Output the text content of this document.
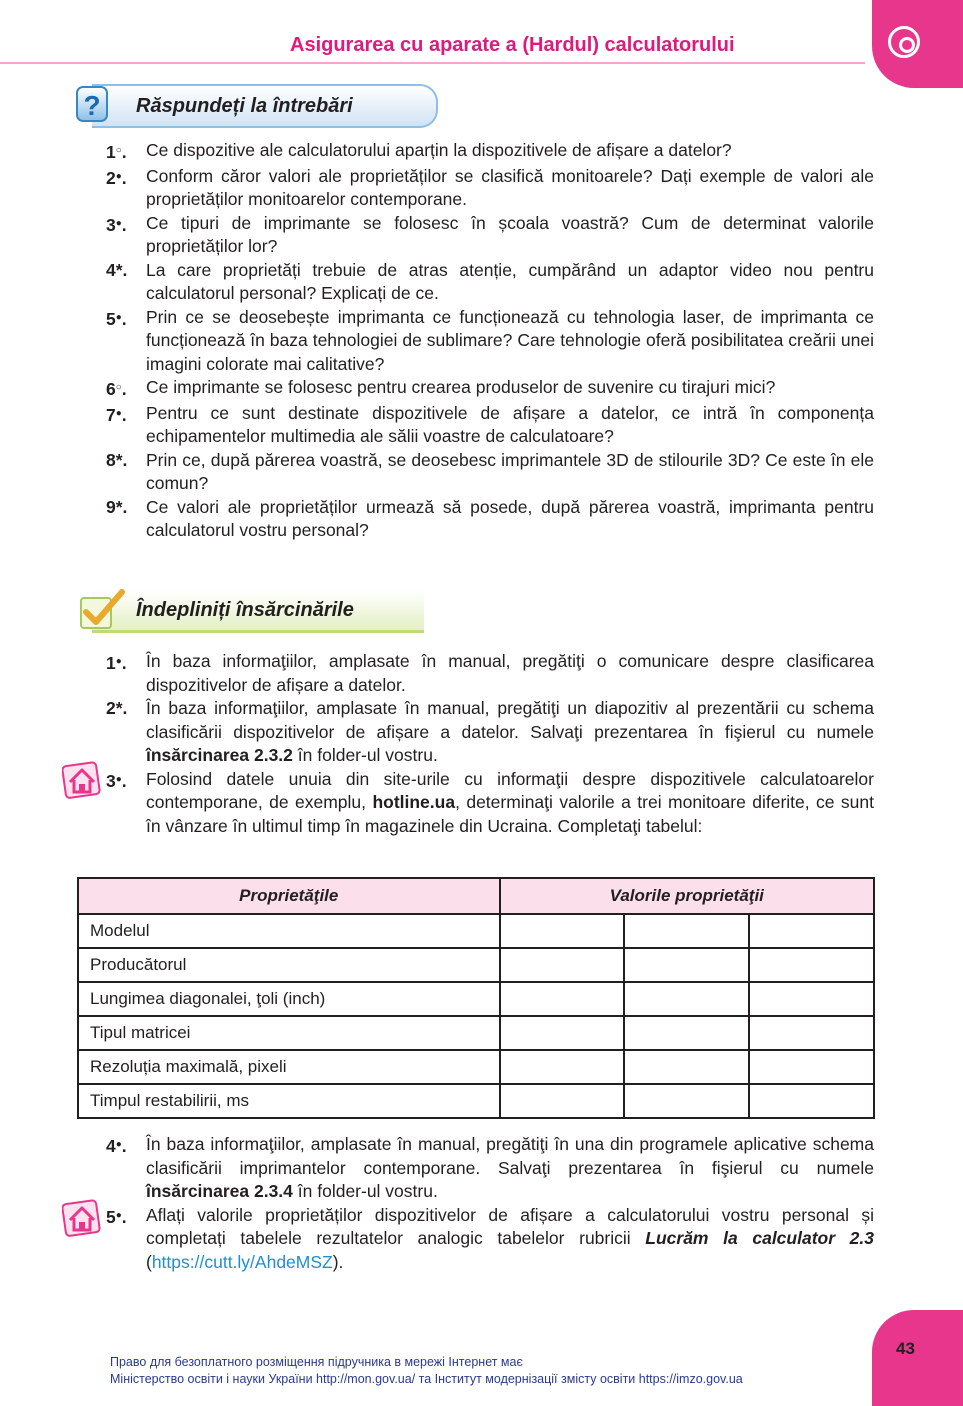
Asigurarea cu aparate a (Hardul) calculatorului
Răspundeți la întrebări
?
1○.	Ce dispozitive ale calculatorului aparțin la dispozitivele de afișare a datelor?
2●.	Conform căror valori ale proprietăților se clasifică monitoarele? Dați exemple de valori ale proprietăților monitoarelor contemporane.
3●.	Ce tipuri de imprimante se folosesc în școala voastră? Cum de determinat valorile proprietăților lor?
4*.	La care proprietăți trebuie de atras atenție, cumpărând un adaptor video nou pentru calculatorul personal? Explicați de ce.
5●.	Prin ce se deosebește imprimanta ce funcționează cu tehnologia laser, de imprimanta ce funcționează în baza tehnologiei de sublimare? Care tehnologie oferă posibilitatea creării unei imagini colorate mai calitative?
6○.	Ce imprimante se folosesc pentru crearea produselor de suvenire cu tirajuri mici?
7●.	Pentru ce sunt destinate dispozitivele de afișare a datelor, ce intră în componența echipamentelor multimedia ale sălii voastre de calculatoare?
8*.	Prin ce, după părerea voastră, se deosebesc imprimantele 3D de stilourile 3D? Ce este în ele comun?
9*.	Ce valori ale proprietăților urmează să posede, după părerea voastră, imprimanta pentru calculatorul vostru personal?
Îndepliniți însărcinările
1●.	În baza informaţiilor, amplasate în manual, pregătiţi o comunicare despre clasificarea dispozitivelor de afișare a datelor.
2*.	În baza informaţiilor, amplasate în manual, pregătiţi un diapozitiv al prezentării cu schema clasificării dispozitivelor de afișare a datelor. Salvaţi prezentarea în fişierul cu numele însărcinarea 2.3.2 în folder-ul vostru.
3●.	Folosind datele unuia din site-urile cu informaţii despre dispozitivele calculatoarelor contemporane, de exemplu, hotline.ua, determinaţi valorile a trei monitoare diferite, ce sunt în vânzare în ultimul timp în magazinele din Ucraina. Completaţi tabelul:
Proprietăţile	Valorile proprietăţii		
Modelul			
Producătorul			
Lungimea diagonalei, ţoli (inch)			
Tipul matricei			
Rezoluția maximală, pixeli			
Timpul restabilirii, ms			
4●.	În baza informaţiilor, amplasate în manual, pregătiţi în una din programele aplicative schema clasificării imprimantelor contemporane. Salvaţi prezentarea în fişierul cu numele însărcinarea 2.3.4 în folder-ul vostru.
5●.	Aflați valorile proprietăților dispozitivelor de afișare a calculatorului vostru personal și completați tabelele rezultatelor analogic tabelelor rubricii Lucrăm la calculator 2.3 (https://cutt.ly/AhdeMSZ).
43
Право для безоплатного розміщення підручника в мережі Інтернет має
Міністерство освіти і науки України http://mon.gov.ua/ та Інститут модернізації змісту освіти https://imzo.gov.ua
